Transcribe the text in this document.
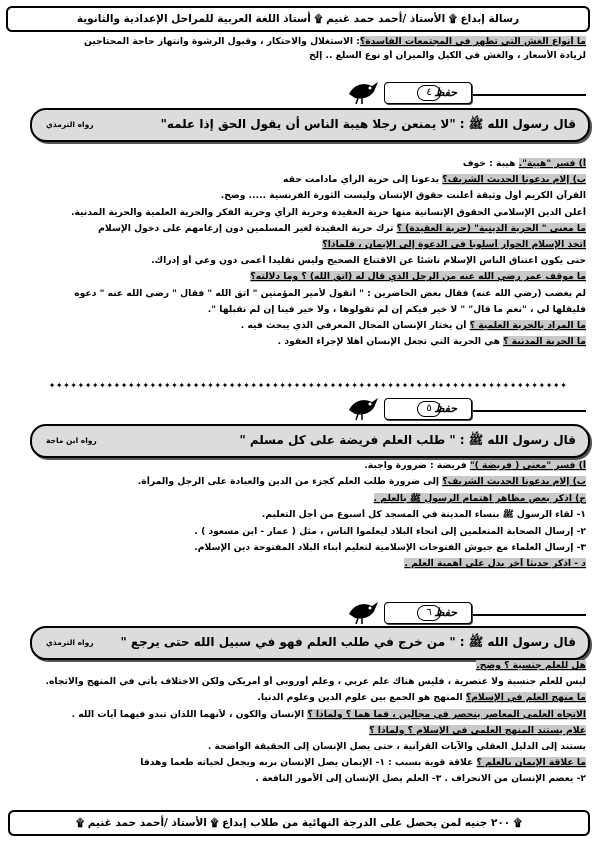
رسالة إبداع ۩ الأستاذ /أحمد حمد غنيم ۩ أستاذ اللغة العربية للمراحل الإعدادية والثانوية
ما أنواع الغش التي تظهر في المجتمعات الفاسدة؟: الاستغلال والاحتكار ، وقبول الرشوة وانتهاز حاجة المحتاجين
لزيادة الأسعار ، والغش في الكيل والميزان أو نوع السلع .. إلخ
حفظ
٤
قال رسول الله ﷺ : "لا يمنعن رجلا هيبة الناس أن يقول الحق إذا علمه"
رواه الترمذي
أ) فسر "هيبة". هيبة : خوف
ب) إلام يدعونا الحديث الشريف؟ يدعونا إلى حرية الرأي مادامت حقه
القرآن الكريم أول وثيقة أعلنت حقوق الإنسان وليست الثورة الفرنسية ..... وضح.
أعلن الدين الإسلامي الحقوق الإنسانية منها حرية العقيدة وحرية الرأي وحرية الفكر والحرية العلمية والحرية المدنية.
ما معنى " الحرية الدينية" (حرية العقيدة) ؟ ترك حرية العقيدة لغير المسلمين دون إرغامهم على دخول الإسلام
اتخذ الإسلام الحوار أسلوبا في الدعوة إلى الإيمان ، فلماذا؟
حتى يكون اعتناق الناس الإسلام ناشئا عن الاقتناع الصحيح وليس تقليدا أعمى دون وعي أو إدراك.
ما موقف عمر رضي الله عنه من الرجل الذي قال له (اتق الله) ؟ وما دلالته؟
لم يغضب (رضي الله عنه) فقال بعض الحاضرين : " أتقول لأمير المؤمنين " اتق الله " فقال " رضي الله عنه " دعوه
فليقلها لي ، "نعم ما قال" " لا خير فيكم إن لم تقولوها ، ولا خير فينا إن لم نقبلها ".
ما المراد بالحرية العلمية ؟ أن يختار الإنسان المجال المعرفي الذي يبحث فيه .
ما الحرية المدنية ؟ هي الحرية التي تجعل الإنسان أهلا لإجراء العقود .
✦✦✦✦✦✦✦✦✦✦✦✦✦✦✦✦✦✦✦✦✦✦✦✦✦✦✦✦✦✦✦✦✦✦✦✦✦✦✦✦✦✦✦✦✦✦✦✦✦✦✦✦✦✦✦✦✦✦✦✦✦✦✦✦✦✦✦✦✦✦✦✦
حفظ
٥
قال رسول الله ﷺ : " طلب العلم فريضة على كل مسلم "
رواه ابن ماجة
أ) فسر "معنى ( فريضة )" فريضة : ضرورة واجبة.
ب) إلام يدعونا الحديث الشريف؟ إلى ضرورة طلب العلم كجزء من الدين والعبادة على الرجل والمرأة.
ج) اذكر بعض مظاهر اهتمام الرسول ﷺ بالعلم .
١- لقاء الرسول ﷺ بنساء المدينة في المسجد كل أسبوع من أجل التعليم.
٢- إرسال الصحابة المتعلمين إلى أنحاء البلاد ليعلموا الناس ، مثل ( عمار - ابن مسعود ) .
٣- إرسال العلماء مع جيوش الفتوحات الإسلامية لتعليم أبناء البلاد المفتوحة دين الإسلام.
د - اذكر حديثا آخر يدل على أهمية العلم .
حفظ
٦
قال رسول الله ﷺ : " من خرج في طلب العلم فهو في سبيل الله حتى يرجع "
رواه الترمذي
هل للعلم جنسية ؟ وضح.
ليس للعلم جنسية ولا عنصرية ، فليس هناك علم عربي ، وعلم أوروبي أو أمريكي ولكن الاختلاف يأتي في المنهج والاتجاه.
ما منهج العلم في الإسلام؟ المنهج هو الجمع بين علوم الدين وعلوم الدنيا.
الاتجاه العلمي المعاصر ينحصر في مجالين ، فما هما ؟ ولماذا ؟ الإنسان والكون ، لأنهما اللذان تبدو فيهما آيات الله .
علام يستند المنهج العلمي في الإسلام ؟ ولماذا ؟
يستند إلى الدليل العقلي والآيات القرآنية ، حتى يصل الإنسان إلى الحقيقة الواضحة .
ما علاقة الإيمان بالعلم ؟ علاقة قوية بسبب : ١- الإيمان يصل الإنسان بربه ويجعل لحياته طعما وهدفا
٢- يعصم الإنسان من الانحراف . ٣- العلم يصل الإنسان إلى الأمور النافعة .
۩ ۲۰۰ جنيه لمن يحصل على الدرجة النهائية من طلاب إبداع ۩ الأستاذ /أحمد حمد غنيم ۩
